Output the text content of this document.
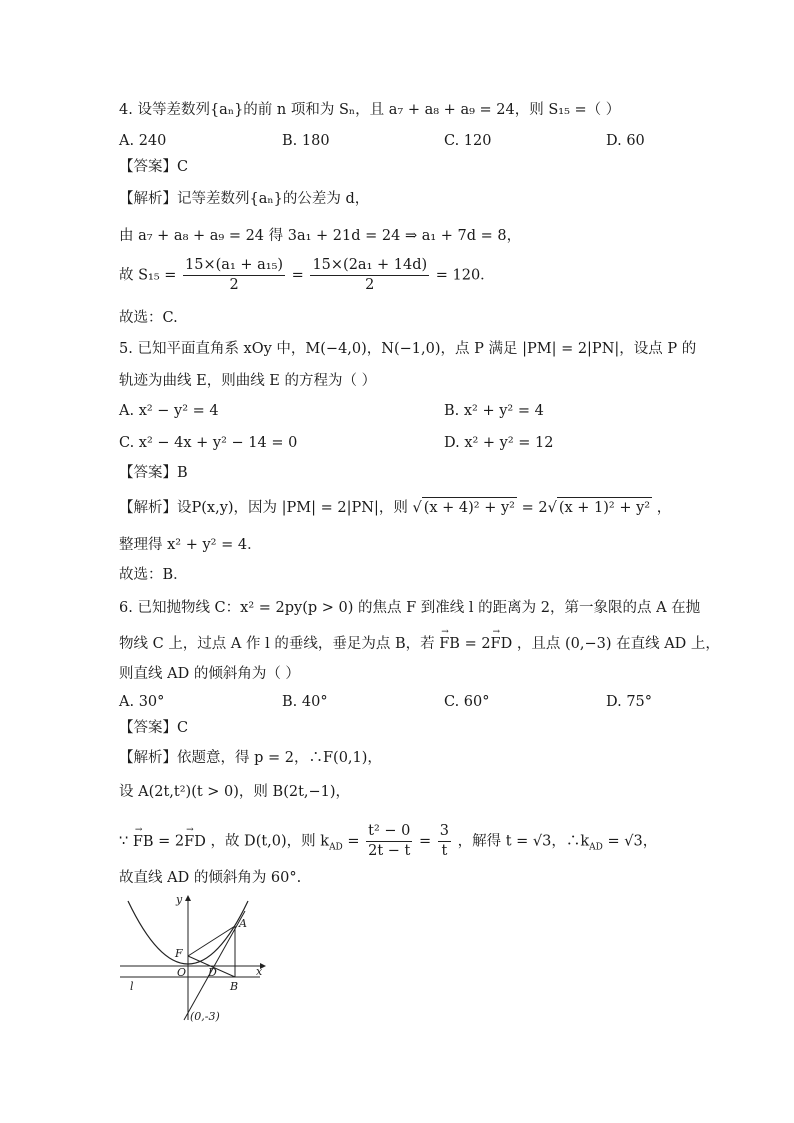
4. 设等差数列{aₙ}的前 n 项和为 Sₙ，且 a₇ + a₈ + a₉ = 24，则 S₁₅ =（ ）
A. 240	B. 180	C. 120	D. 60
【答案】C
【解析】记等差数列{aₙ}的公差为 d，
由 a₇ + a₈ + a₉ = 24 得 3a₁ + 21d = 24 ⇒ a₁ + 7d = 8，
故 $S_{15} = \frac{\text{15×(a₁ + a₁₅)}}{2} = \frac{\text{15×(2a₁ + 14d)}}{2} = 120$．
故选：C.
5. 已知平面直角系 xOy 中，M(−4,0)，N(−1,0)，点 P 满足 |PM| = 2|PN|，设点 P 的
轨迹为曲线 E，则曲线 E 的方程为（ ）
A. x² − y² = 4	B. x² + y² = 4
C. x² − 4x + y² − 14 = 0	D. x² + y² = 12
【答案】B
【解析】设P(x,y)，因为 |PM| = 2|PN|，则 √ (x + 4)² + y² = 2√ (x + 1)² + y² ，
整理得 x² + y² = 4．
故选：B．
6. 已知抛物线 C：x² = 2py(p > 0) 的焦点 F 到准线 l 的距离为 2，第一象限的点 A 在抛
物线 C 上，过点 A 作 l 的垂线，垂足为点 B，若 → FB = 2→ FD ，且点 (0,−3) 在直线 AD 上，
则直线 AD 的倾斜角为（ ）
A. 30°	B. 40°	C. 60°	D. 75°
【答案】C
【解析】依题意，得 p = 2，∴F(0,1)，
设 A(2t,t²)(t > 0)，则 B(2t,−1)，
∵ → FB = 2→ FD ，故 D(t,0)，则 $k_{AD} = \frac{\text{t² − 0}}{2t - t} = \frac{3}{t}$ ，解得 t = √3，$\therefore k_{AD} = √3$，
故直线 AD 的倾斜角为 60°.
y
x
A
F
O D
l	B
(0,-3)
